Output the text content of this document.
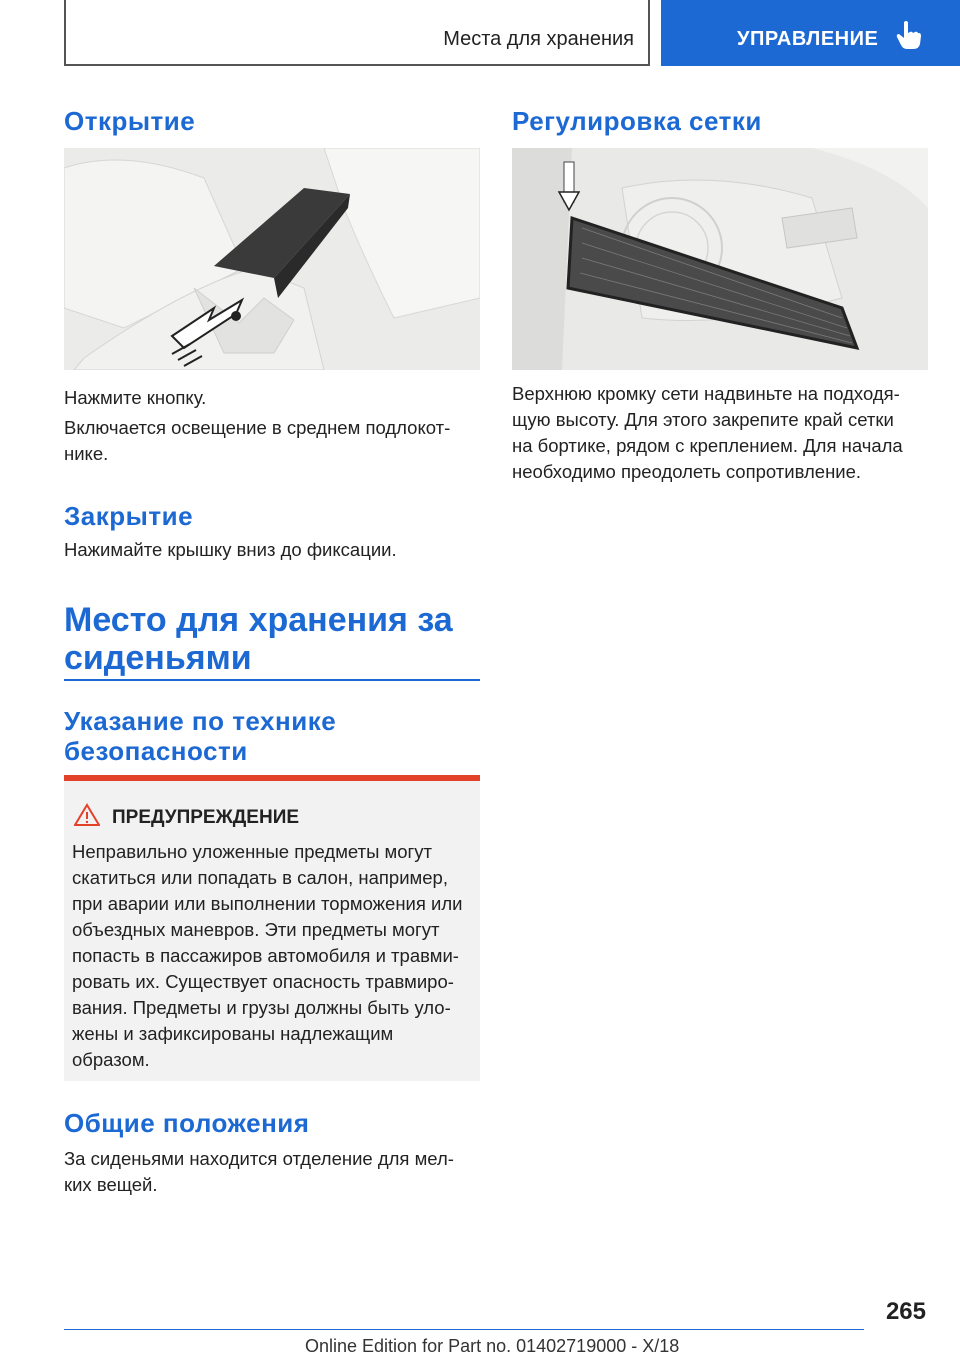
Места для хранения	УПРАВЛЕНИЕ
Открытие
Нажмите кнопку.
Включается освещение в среднем подлокот-
нике.
Закрытие
Нажимайте крышку вниз до фиксации.
Место для хранения за
сиденьями
Указание по технике
безопасности
ПРЕДУПРЕЖДЕНИЕ
Неправильно уложенные предметы могут
скатиться или попадать в салон, например,
при аварии или выполнении торможения или
объездных маневров. Эти предметы могут
попасть в пассажиров автомобиля и травми-
ровать их. Существует опасность травмиро-
вания. Предметы и грузы должны быть уло-
жены и зафиксированы надлежащим
образом.
Общие положения
За сиденьями находится отделение для мел-
ких вещей.
Регулировка сетки
Верхнюю кромку сети надвиньте на подходя-
щую высоту. Для этого закрепите край сетки
на бортике, рядом с креплением. Для начала
необходимо преодолеть сопротивление.
265
Online Edition for Part no. 01402719000 - X/18
